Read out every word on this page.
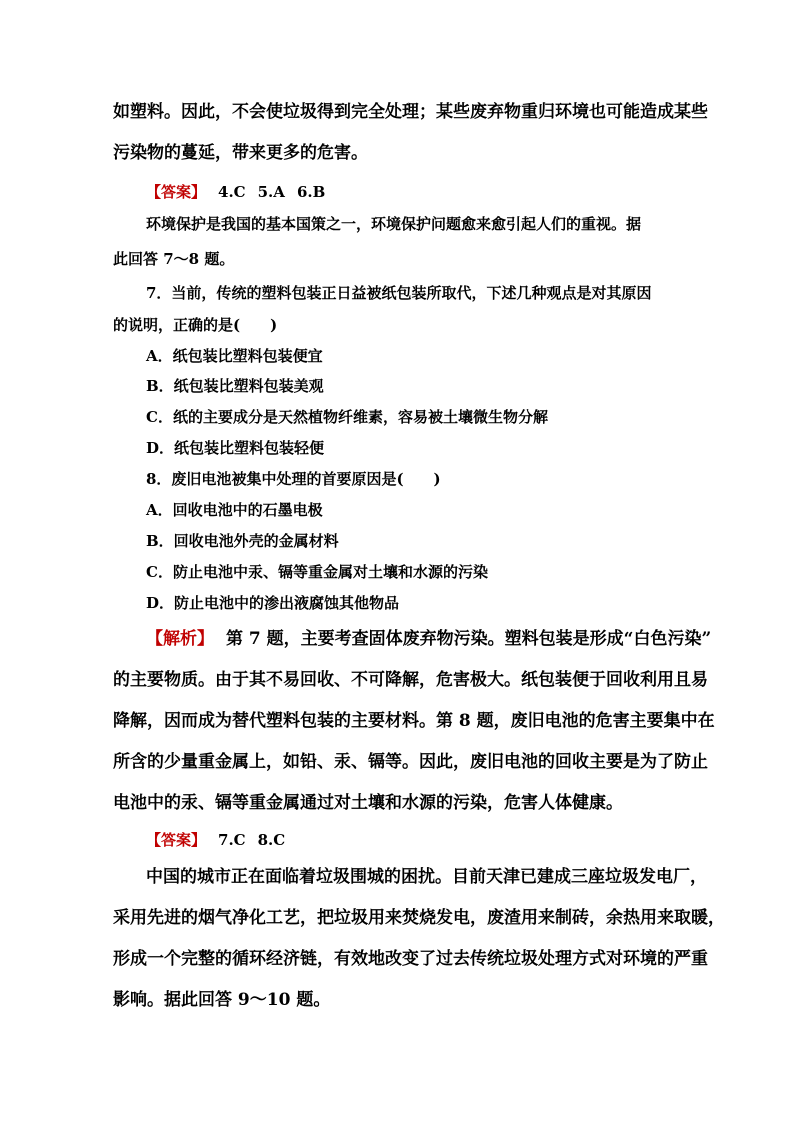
如塑料。因此，不会使垃圾得到完全处理；某些废弃物重归环境也可能造成某些
污染物的蔓延，带来更多的危害。
【答案】 4.C 5.A 6.B
环境保护是我国的基本国策之一，环境保护问题愈来愈引起人们的重视。据
此回答 7～8 题。
7．当前，传统的塑料包装正日益被纸包装所取代，下述几种观点是对其原因
的说明，正确的是(　　)
A．纸包装比塑料包装便宜
B．纸包装比塑料包装美观
C．纸的主要成分是天然植物纤维素，容易被土壤微生物分解
D．纸包装比塑料包装轻便
8．废旧电池被集中处理的首要原因是(　　)
A．回收电池中的石墨电极
B．回收电池外壳的金属材料
C．防止电池中汞、镉等重金属对土壤和水源的污染
D．防止电池中的渗出液腐蚀其他物品
【解析】 第 7 题，主要考查固体废弃物污染。塑料包装是形成“白色污染”
的主要物质。由于其不易回收、不可降解，危害极大。纸包装便于回收利用且易
降解，因而成为替代塑料包装的主要材料。第 8 题，废旧电池的危害主要集中在
所含的少量重金属上，如铅、汞、镉等。因此，废旧电池的回收主要是为了防止
电池中的汞、镉等重金属通过对土壤和水源的污染，危害人体健康。
【答案】 7.C 8.C
中国的城市正在面临着垃圾围城的困扰。目前天津已建成三座垃圾发电厂，
采用先进的烟气净化工艺，把垃圾用来焚烧发电，废渣用来制砖，余热用来取暖，
形成一个完整的循环经济链，有效地改变了过去传统垃圾处理方式对环境的严重
影响。据此回答 9～10 题。
